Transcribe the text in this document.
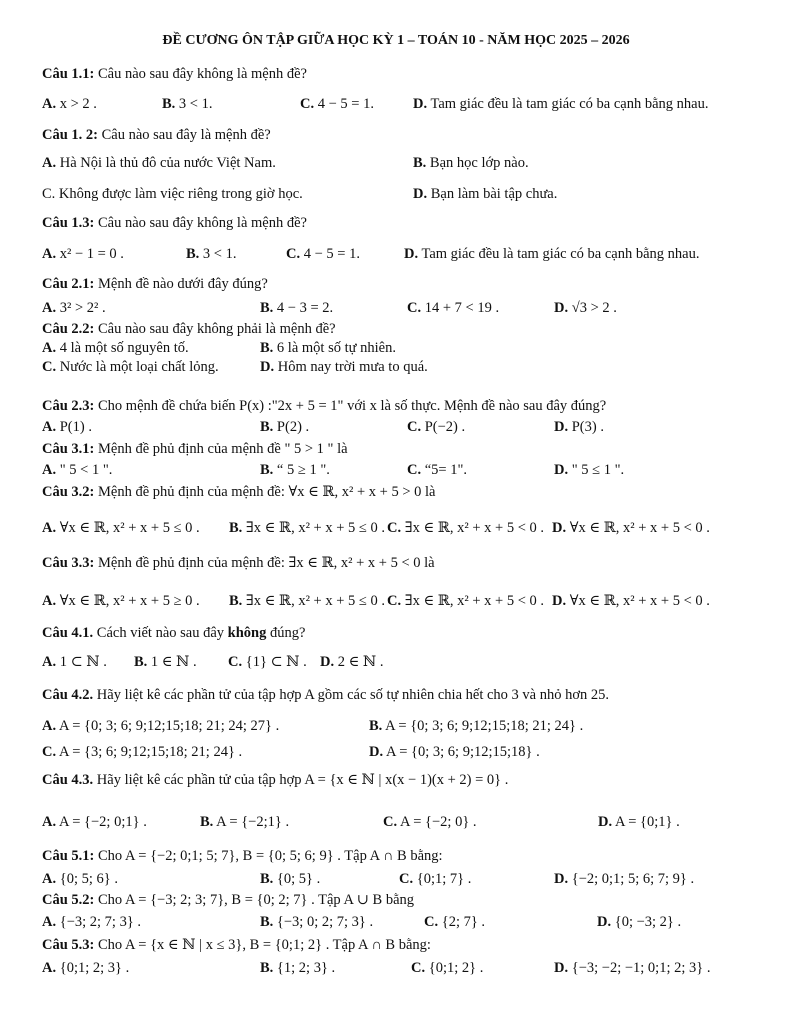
ĐỀ CƯƠNG ÔN TẬP GIỮA HỌC KỲ 1 – TOÁN 10 - NĂM HỌC 2025 – 2026
Câu 1.1: Câu nào sau đây không là mệnh đề?
A. x > 2 .	B. 3 < 1.	C. 4 − 5 = 1.	D. Tam giác đều là tam giác có ba cạnh bằng nhau.
Câu 1. 2: Câu nào sau đây là mệnh đề?
A. Hà Nội là thủ đô của nước Việt Nam.	B. Bạn học lớp nào.
C. Không được làm việc riêng trong giờ học.	D. Bạn làm bài tập chưa.
Câu 1.3: Câu nào sau đây không là mệnh đề?
A. x² − 1 = 0 .	B. 3 < 1.	C. 4 − 5 = 1.	D. Tam giác đều là tam giác có ba cạnh bằng nhau.
Câu 2.1: Mệnh đề nào dưới đây đúng?
A. 3² > 2² .	B. 4 − 3 = 2.	C. 14 + 7 < 19 .	D. √3 > 2 .
Câu 2.2: Câu nào sau đây không phải là mệnh đề?
A. 4 là một số nguyên tố.	B. 6 là một số tự nhiên.
C. Nước là một loại chất lỏng.	D. Hôm nay trời mưa to quá.
Câu 2.3: Cho mệnh đề chứa biến P(x) :"2x + 5 = 1" với x là số thực. Mệnh đề nào sau đây đúng?
A. P(1) .	B. P(2) .	C. P(−2) .	D. P(3) .
Câu 3.1: Mệnh đề phủ định của mệnh đề " 5 > 1 " là
A. " 5 < 1 ".	B. “ 5 ≥ 1 ".	C. “5= 1".	D. " 5 ≤ 1 ".
Câu 3.2: Mệnh đề phủ định của mệnh đề: ∀x ∈ ℝ, x² + x + 5 > 0 là
A. ∀x ∈ ℝ, x² + x + 5 ≤ 0 . B. ∃x ∈ ℝ, x² + x + 5 ≤ 0 . C. ∃x ∈ ℝ, x² + x + 5 < 0 . D. ∀x ∈ ℝ, x² + x + 5 < 0 .
Câu 3.3: Mệnh đề phủ định của mệnh đề: ∃x ∈ ℝ, x² + x + 5 < 0 là
A. ∀x ∈ ℝ, x² + x + 5 ≥ 0 . B. ∃x ∈ ℝ, x² + x + 5 ≤ 0 . C. ∃x ∈ ℝ, x² + x + 5 < 0 . D. ∀x ∈ ℝ, x² + x + 5 < 0 .
Câu 4.1. Cách viết nào sau đây không đúng?
A. 1 ⊂ ℕ . B. 1 ∈ ℕ . C. {1} ⊂ ℕ . D. 2 ∈ ℕ .
Câu 4.2. Hãy liệt kê các phần tử của tập hợp A gồm các số tự nhiên chia hết cho 3 và nhỏ hơn 25.
A. A = {0; 3; 6; 9;12;15;18; 21; 24; 27} .	B. A = {0; 3; 6; 9;12;15;18; 21; 24} .
C. A = {3; 6; 9;12;15;18; 21; 24} .	D. A = {0; 3; 6; 9;12;15;18} .
Câu 4.3. Hãy liệt kê các phần tử của tập hợp A = {x ∈ ℕ | x(x − 1)(x + 2) = 0} .
A. A = {−2; 0;1} .	B. A = {−2;1} .	C. A = {−2; 0} .	D. A = {0;1} .
Câu 5.1: Cho A = {−2; 0;1; 5; 7}, B = {0; 5; 6; 9} . Tập A ∩ B bằng:
A. {0; 5; 6} .	B. {0; 5} .	C. {0;1; 7} .	D. {−2; 0;1; 5; 6; 7; 9} .
Câu 5.2: Cho A = {−3; 2; 3; 7}, B = {0; 2; 7} . Tập A ∪ B bằng
A. {−3; 2; 7; 3} .	B. {−3; 0; 2; 7; 3} .	C. {2; 7} .	D. {0; −3; 2} .
Câu 5.3: Cho A = {x ∈ ℕ | x ≤ 3}, B = {0;1; 2} . Tập A ∩ B bằng:
A. {0;1; 2; 3} .	B. {1; 2; 3} .	C. {0;1; 2} .	D. {−3; −2; −1; 0;1; 2; 3} .
